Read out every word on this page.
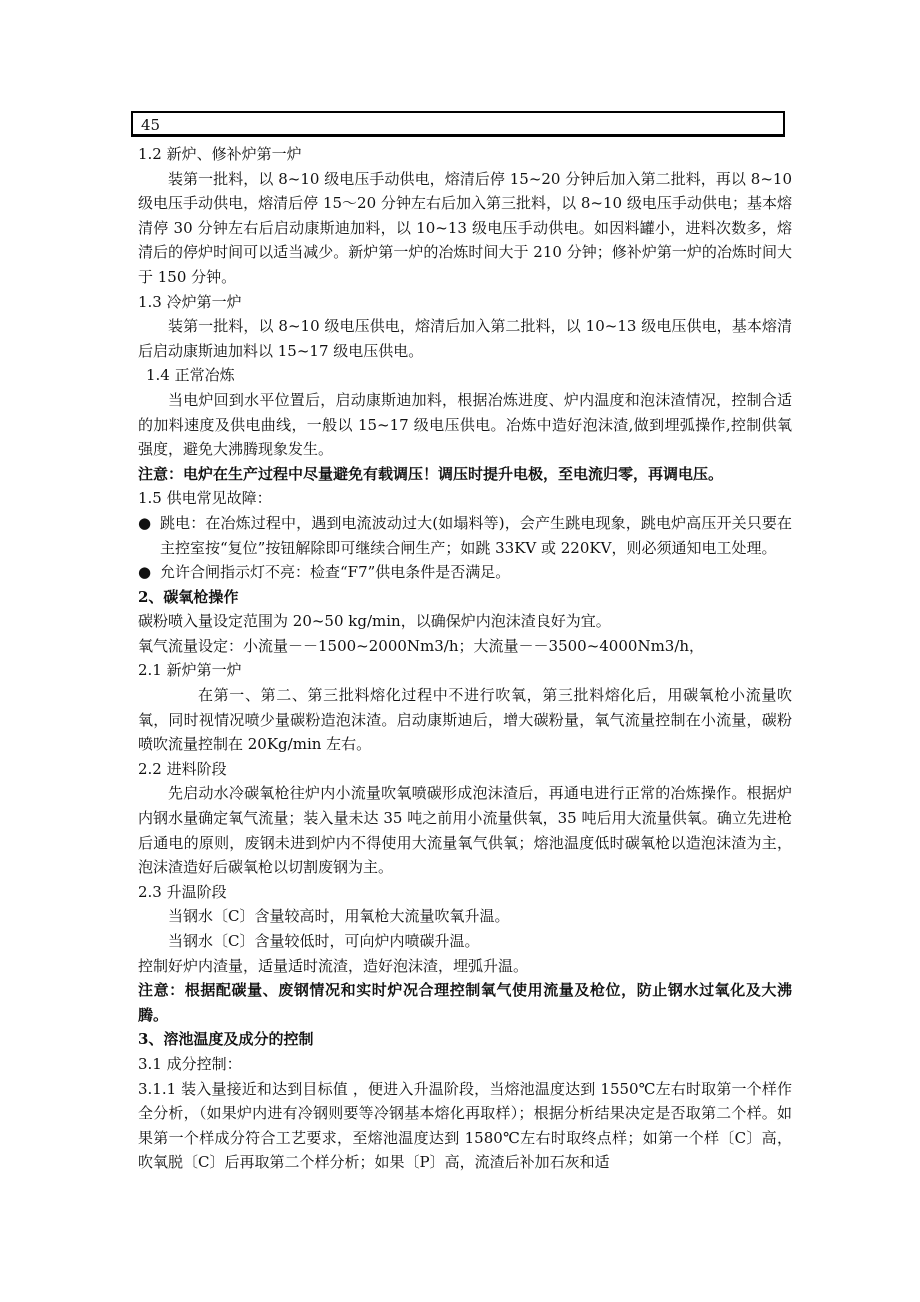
45

1.2 新炉、修补炉第一炉

装第一批料，以 8~10 级电压手动供电，熔清后停 15~20 分钟后加入第二批料，再以 8~10 级电压手动供电，熔清后停 15～20 分钟左右后加入第三批料，以 8~10 级电压手动供电；基本熔清停 30 分钟左右后启动康斯迪加料，以 10~13 级电压手动供电。如因料罐小，进料次数多，熔清后的停炉时间可以适当减少。新炉第一炉的冶炼时间大于 210 分钟；修补炉第一炉的冶炼时间大于 150 分钟。

1.3 冷炉第一炉

装第一批料，以 8~10 级电压供电，熔清后加入第二批料，以 10~13 级电压供电，基本熔清后启动康斯迪加料以 15~17 级电压供电。

1.4 正常冶炼

当电炉回到水平位置后，启动康斯迪加料，根据冶炼进度、炉内温度和泡沫渣情况，控制合适的加料速度及供电曲线，一般以 15~17 级电压供电。冶炼中造好泡沫渣,做到埋弧操作,控制供氧强度，避免大沸腾现象发生。

注意：电炉在生产过程中尽量避免有载调压！调压时提升电极，至电流归零，再调电压。

1.5 供电常见故障：

● 跳电：在冶炼过程中，遇到电流波动过大(如塌料等)，会产生跳电现象，跳电炉高压开关只要在主控室按“复位”按钮解除即可继续合闸生产；如跳 33KV 或 220KV，则必须通知电工处理。

● 允许合闸指示灯不亮：检查“F7”供电条件是否满足。

2、碳氧枪操作

碳粉喷入量设定范围为 20~50 kg/min，以确保炉内泡沫渣良好为宜。

氧气流量设定：小流量－－1500~2000Nm3/h；大流量－－3500~4000Nm3/h，

2.1 新炉第一炉

在第一、第二、第三批料熔化过程中不进行吹氧，第三批料熔化后，用碳氧枪小流量吹氧，同时视情况喷少量碳粉造泡沫渣。启动康斯迪后，增大碳粉量，氧气流量控制在小流量，碳粉喷吹流量控制在 20Kg/min 左右。

2.2 进料阶段

先启动水冷碳氧枪往炉内小流量吹氧喷碳形成泡沫渣后，再通电进行正常的冶炼操作。根据炉内钢水量确定氧气流量；装入量未达 35 吨之前用小流量供氧，35 吨后用大流量供氧。确立先进枪后通电的原则，废钢未进到炉内不得使用大流量氧气供氧；熔池温度低时碳氧枪以造泡沫渣为主，泡沫渣造好后碳氧枪以切割废钢为主。

2.3 升温阶段

当钢水〔C〕含量较高时，用氧枪大流量吹氧升温。

当钢水〔C〕含量较低时，可向炉内喷碳升温。

控制好炉内渣量，适量适时流渣，造好泡沫渣，埋弧升温。

注意：根据配碳量、废钢情况和实时炉况合理控制氧气使用流量及枪位，防止钢水过氧化及大沸腾。

3、溶池温度及成分的控制

3.1 成分控制：

3.1.1 装入量接近和达到目标值 ，便进入升温阶段，当熔池温度达到 1550℃左右时取第一个样作全分析，（如果炉内进有冷钢则要等冷钢基本熔化再取样）；根据分析结果决定是否取第二个样。如果第一个样成分符合工艺要求，至熔池温度达到 1580℃左右时取终点样；如第一个样〔C〕高，吹氧脱〔C〕后再取第二个样分析；如果〔P〕高，流渣后补加石灰和适
